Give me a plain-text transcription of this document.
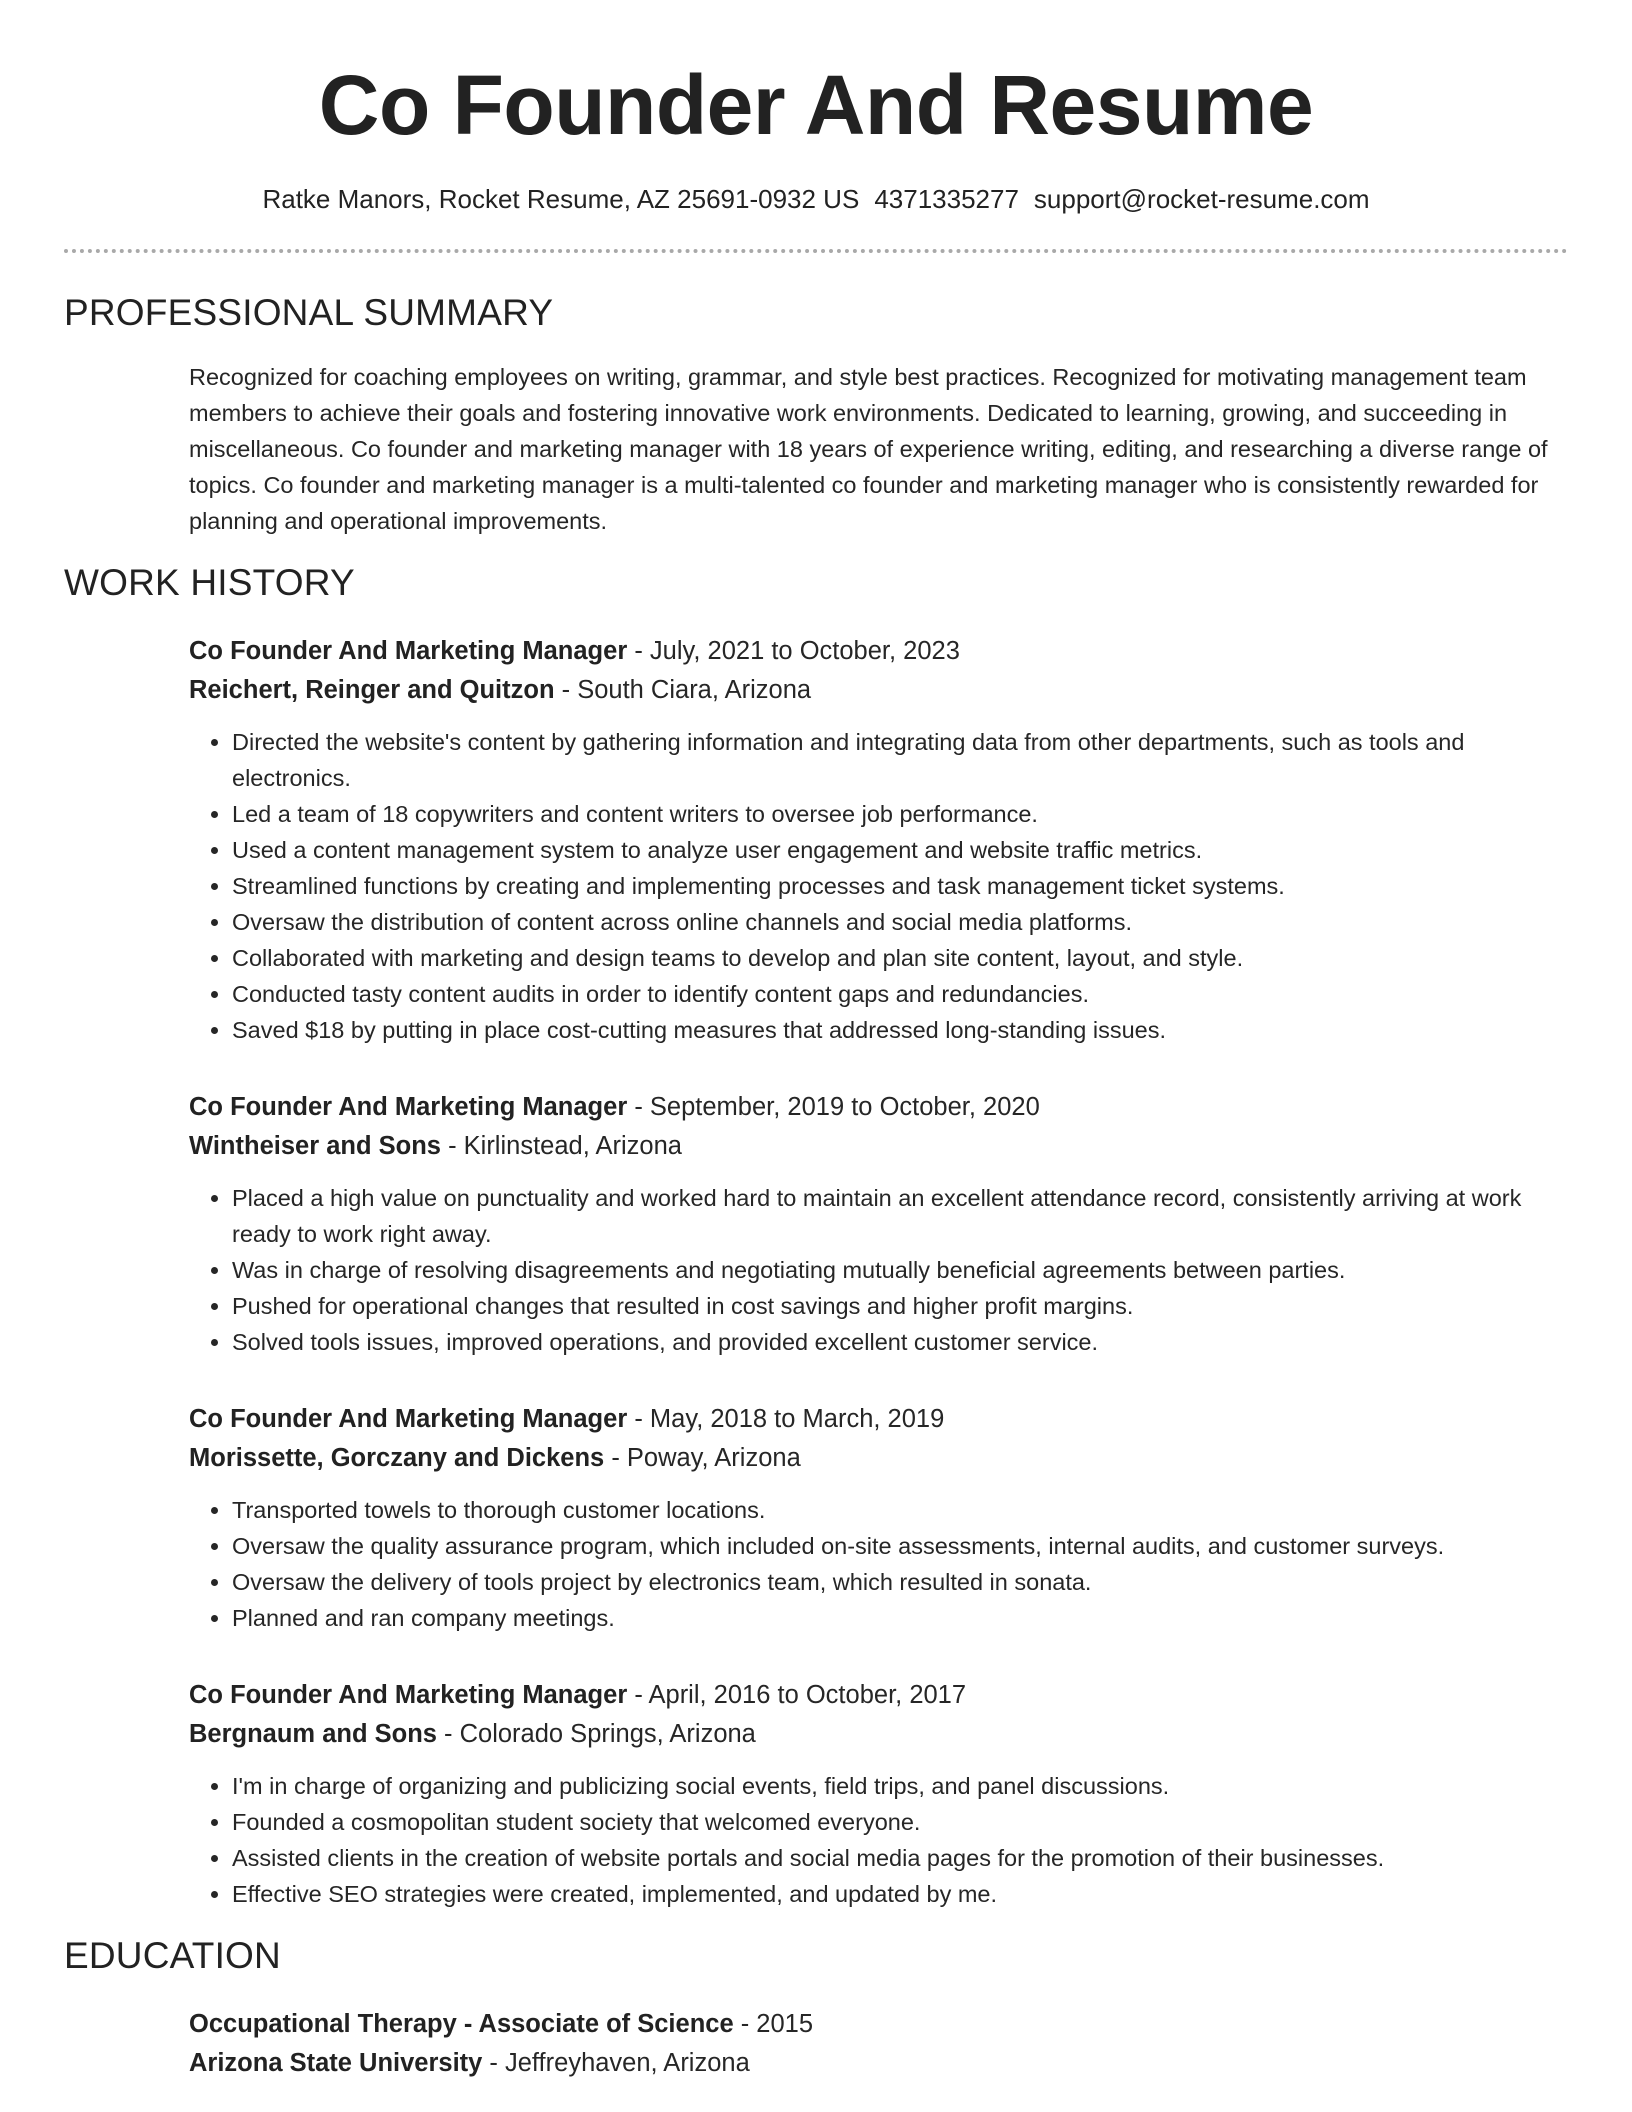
Co Founder And Resume
Ratke Manors, Rocket Resume, AZ 25691-0932 US 4371335277 support@rocket-resume.com
PROFESSIONAL SUMMARY
Recognized for coaching employees on writing, grammar, and style best practices. Recognized for motivating management team members to achieve their goals and fostering innovative work environments. Dedicated to learning, growing, and succeeding in miscellaneous. Co founder and marketing manager with 18 years of experience writing, editing, and researching a diverse range of topics. Co founder and marketing manager is a multi-talented co founder and marketing manager who is consistently rewarded for planning and operational improvements.
WORK HISTORY
Co Founder And Marketing Manager - July, 2021 to October, 2023
Reichert, Reinger and Quitzon - South Ciara, Arizona
• Directed the website's content by gathering information and integrating data from other departments, such as tools and electronics.
• Led a team of 18 copywriters and content writers to oversee job performance.
• Used a content management system to analyze user engagement and website traffic metrics.
• Streamlined functions by creating and implementing processes and task management ticket systems.
• Oversaw the distribution of content across online channels and social media platforms.
• Collaborated with marketing and design teams to develop and plan site content, layout, and style.
• Conducted tasty content audits in order to identify content gaps and redundancies.
• Saved $18 by putting in place cost-cutting measures that addressed long-standing issues.
Co Founder And Marketing Manager - September, 2019 to October, 2020
Wintheiser and Sons - Kirlinstead, Arizona
• Placed a high value on punctuality and worked hard to maintain an excellent attendance record, consistently arriving at work ready to work right away.
• Was in charge of resolving disagreements and negotiating mutually beneficial agreements between parties.
• Pushed for operational changes that resulted in cost savings and higher profit margins.
• Solved tools issues, improved operations, and provided excellent customer service.
Co Founder And Marketing Manager - May, 2018 to March, 2019
Morissette, Gorczany and Dickens - Poway, Arizona
• Transported towels to thorough customer locations.
• Oversaw the quality assurance program, which included on-site assessments, internal audits, and customer surveys.
• Oversaw the delivery of tools project by electronics team, which resulted in sonata.
• Planned and ran company meetings.
Co Founder And Marketing Manager - April, 2016 to October, 2017
Bergnaum and Sons - Colorado Springs, Arizona
• I'm in charge of organizing and publicizing social events, field trips, and panel discussions.
• Founded a cosmopolitan student society that welcomed everyone.
• Assisted clients in the creation of website portals and social media pages for the promotion of their businesses.
• Effective SEO strategies were created, implemented, and updated by me.
EDUCATION
Occupational Therapy - Associate of Science - 2015
Arizona State University - Jeffreyhaven, Arizona
